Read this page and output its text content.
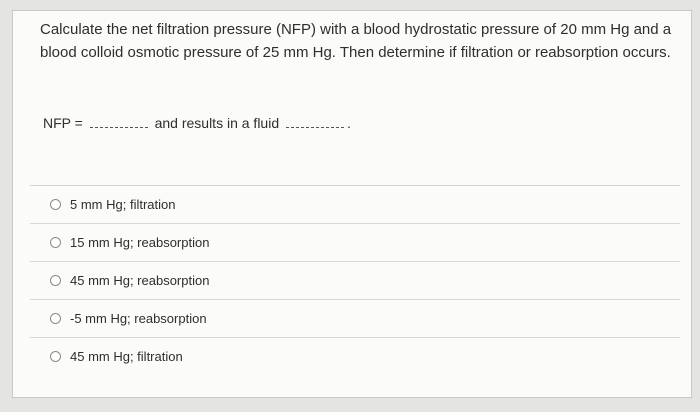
Calculate the net filtration pressure (NFP) with a blood hydrostatic pressure of 20 mm Hg and a blood colloid osmotic pressure of 25 mm Hg. Then determine if filtration or reabsorption occurs.

NFP =	and results in a fluid	.
5 mm Hg; filtration
15 mm Hg; reabsorption
45 mm Hg; reabsorption
-5 mm Hg; reabsorption
45 mm Hg; filtration
